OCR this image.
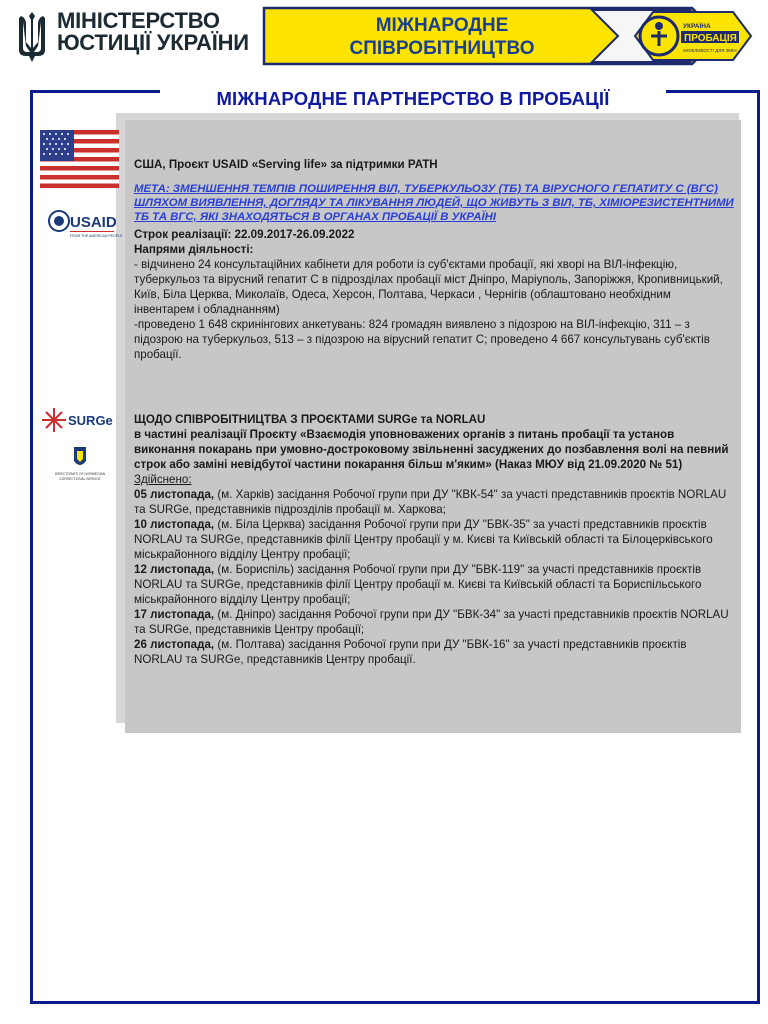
МІНІСТЕРСТВО
ЮСТИЦІЇ УКРАЇНИ
МІЖНАРОДНЕ
СПІВРОБІТНИЦТВО
УКРАЇНА
ПРОБАЦІЯ
МОЖЛИВОСТІ ДЛЯ ЗМІН
МІЖНАРОДНЕ ПАРТНЕРСТВО В ПРОБАЦІЇ
USAID
FROM THE AMERICAN PEOPLE
SURGe
DIRECTORATE OF NORWEGIAN
CORRECTIONAL SERVICE

США, Проєкт USAID «Serving life» за підтримки PATH

МЕТА: ЗМЕНШЕННЯ ТЕМПІВ ПОШИРЕННЯ ВІЛ, ТУБЕРКУЛЬОЗУ (ТБ) ТА ВІРУСНОГО ГЕПАТИТУ С (ВГС) ШЛЯХОМ ВИЯВЛЕННЯ, ДОГЛЯДУ ТА ЛІКУВАННЯ ЛЮДЕЙ, ЩО ЖИВУТЬ З ВІЛ, ТБ, ХІМІОРЕЗИСТЕНТНИМИ ТБ ТА ВГС, ЯКІ ЗНАХОДЯТЬСЯ В ОРГАНАХ ПРОБАЦІЇ В УКРАЇНІ

Строк реалізації: 22.09.2017-26.09.2022

Напрями діяльності:

- відчинено 24 консультаційних кабінети для роботи із суб'єктами пробації, які хворі на ВІЛ-інфекцію, туберкульоз та вірусний гепатит С в підрозділах пробації міст Дніпро, Маріуполь, Запоріжжя, Кропивницький, Київ, Біла Церква, Миколаїв, Одеса, Херсон, Полтава, Черкаси , Чернігів (облаштовано необхідним інвентарем і обладнанням)

-проведено 1 648 скринінгових анкетувань: 824 громадян виявлено з підозрою на ВІЛ-інфекцію, 311 – з підозрою на туберкульоз, 513 – з підозрою на вірусний гепатит С; проведено 4 667 консультувань суб'єктів пробації.

ЩОДО СПІВРОБІТНИЦТВА З ПРОЄКТАМИ SURGe та NORLAU

в частині реалізації Проєкту «Взаємодія уповноважених органів з питань пробації та установ виконання покарань при умовно-достроковому звільненні засуджених до позбавлення волі на певний строк або заміні невідбутої частини покарання більш м'яким» (Наказ МЮУ від 21.09.2020 № 51)

Здійснено:

05 листопада, (м. Харків) засідання Робочої групи при ДУ "КВК-54" за участі представників проєктів NORLAU та SURGe, представників підрозділів пробації м. Харкова;

10 листопада, (м. Біла Церква) засідання Робочої групи при ДУ "БВК-35" за участі представників проєктів NORLAU та SURGe, представників філії Центру пробації у м. Києві та Київській області та Білоцерківського міськрайонного відділу Центру пробації;

12 листопада, (м. Бориспіль) засідання Робочої групи при ДУ "БВК-119" за участі представників проєктів NORLAU та SURGe, представників філії Центру пробації м. Києві та Київській області та Бориспільського міськрайонного відділу Центру пробації;

17 листопада, (м. Дніпро) засідання Робочої групи при ДУ "БВК-34" за участі представників проєктів NORLAU та SURGe, представників Центру пробації;

26 листопада, (м. Полтава) засідання Робочої групи при ДУ "БВК-16" за участі представників проєктів NORLAU та SURGe, представників Центру пробації.
